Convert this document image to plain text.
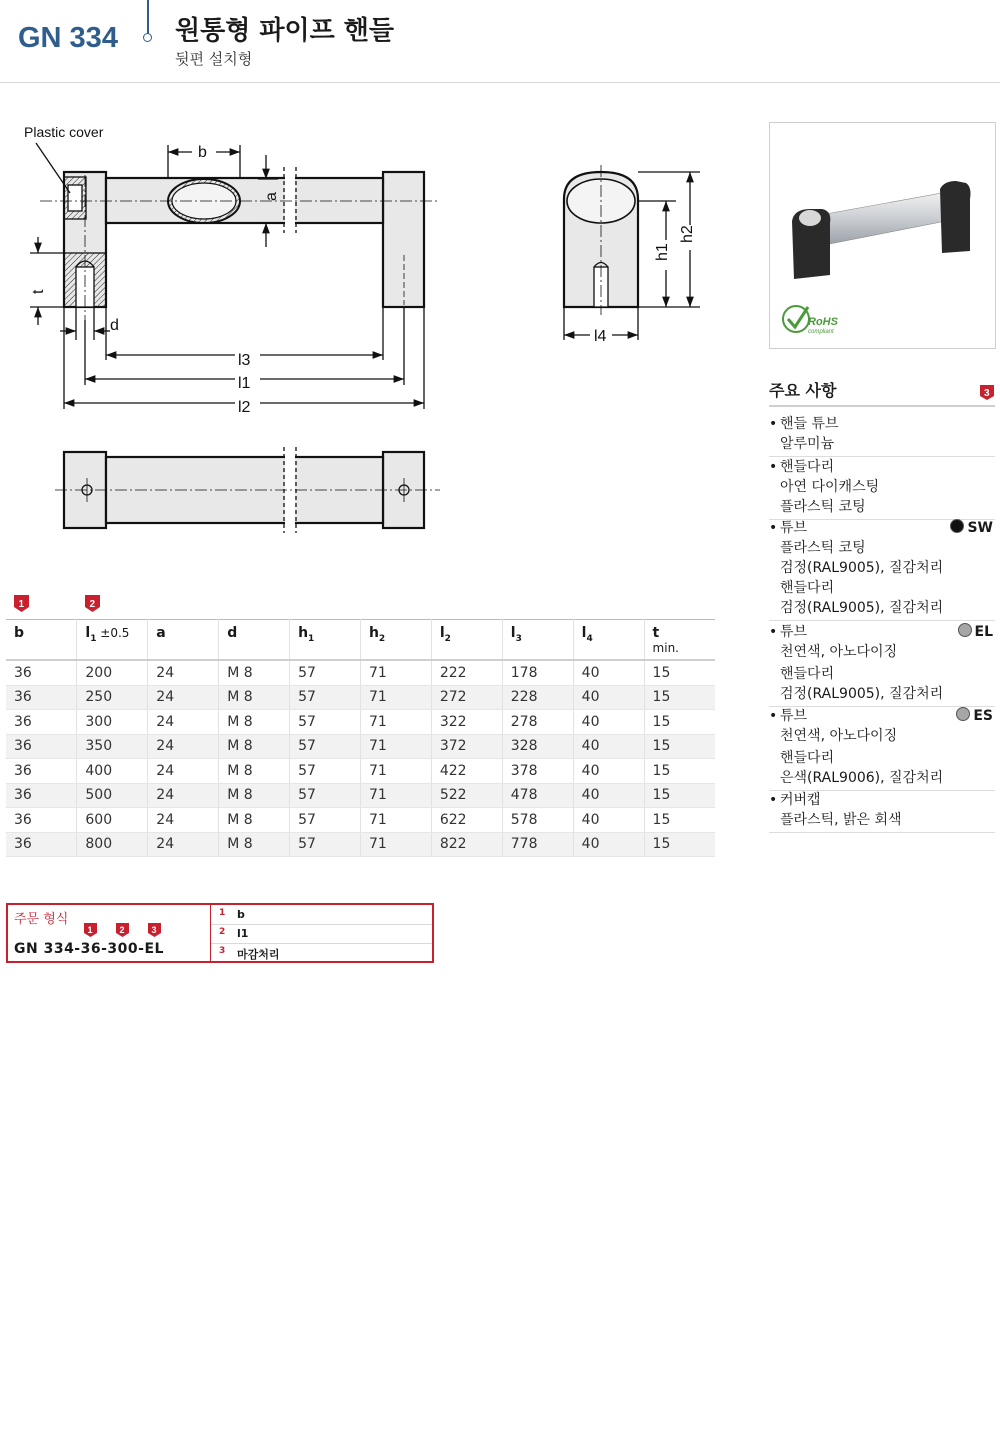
GN 334 원통형 파이프 핸들
뒷편 설치형
Plastic cover
b
a
t
d
l3
l1
l2
h1
h2
l4
RoHS
compliant
주요 사항	3
• 핸들 튜브
알루미늄
• 핸들다리
아연 다이캐스팅
플라스틱 코팅
• 튜브
플라스틱 코팅
검정(RAL9005), 질감처리
핸들다리
검정(RAL9005), 질감처리
SW
• 튜브
천연색, 아노다이징
핸들다리
검정(RAL9005), 질감처리
EL
• 튜브
천연색, 아노다이징
핸들다리
은색(RAL9006), 질감처리
ES
• 커버캡
플라스틱, 밝은 회색
1	2
b	$l_1 \pm 0.5$	a	d	$h_1$	$h_2$	$l_2$	$l_3$	$l_4$	t
min.

36	200	24	M 8	57	71	222	178	40	15
36	250	24	M 8	57	71	272	228	40	15
36	300	24	M 8	57	71	322	278	40	15
36	350	24	M 8	57	71	372	328	40	15
36	400	24	M 8	57	71	422	378	40	15
36	500	24	M 8	57	71	522	478	40	15
36	600	24	M 8	57	71	622	578	40	15
36	800	24	M 8	57	71	822	778	40	15
주문 형식
1	2	3
GN 334-36-300-EL
1 b
2 l1
3 마감처리
